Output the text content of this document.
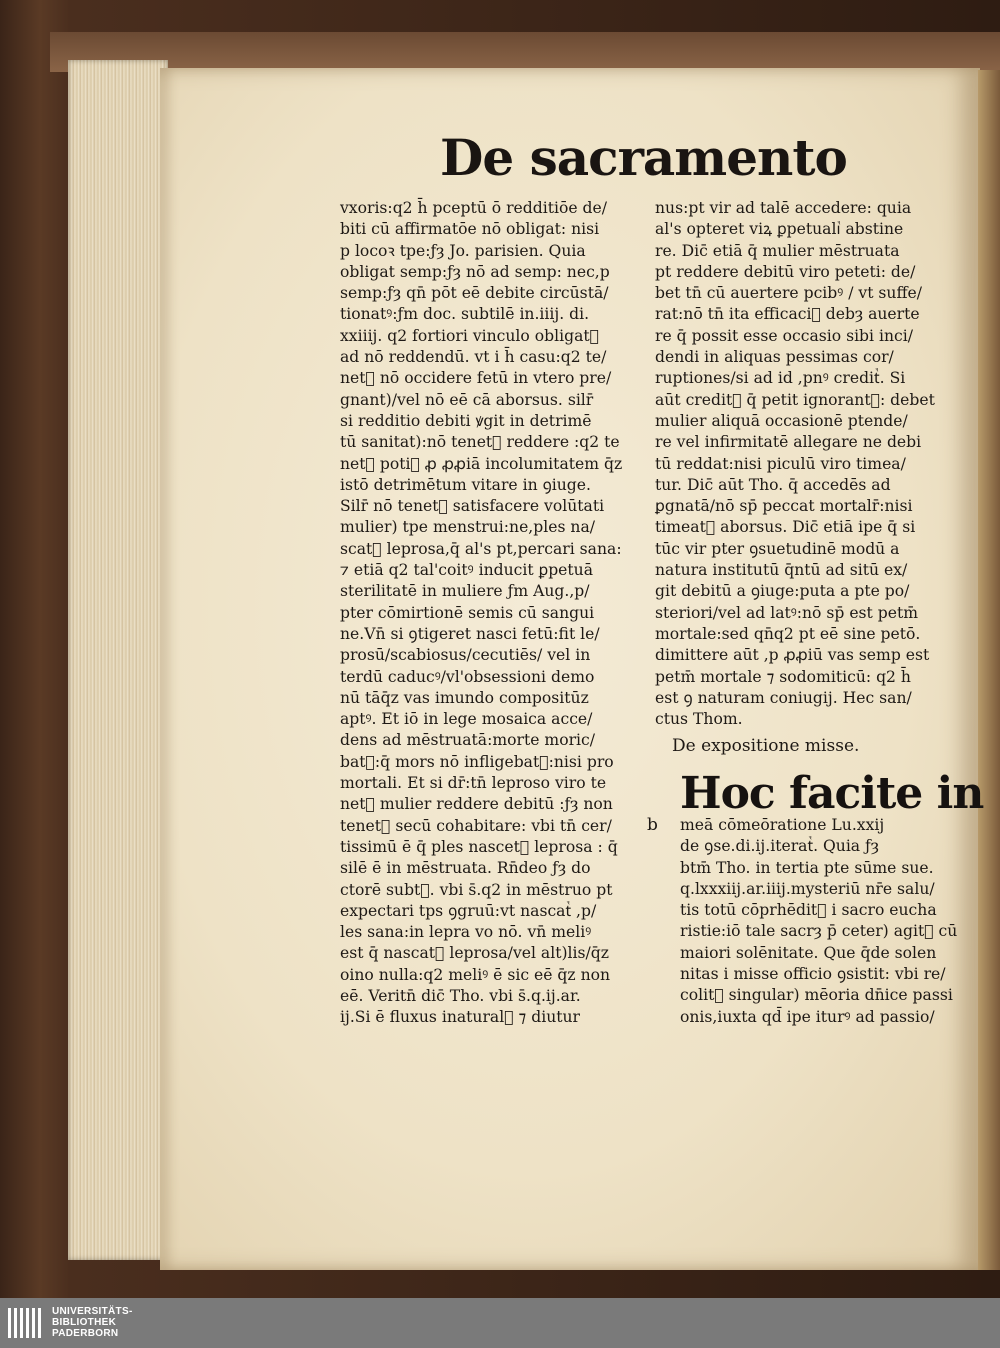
De sacramento
vxoris:q2 h̄ pceptū ō redditiōe de/
biti cū affirmatōe nō obligat: nisi
p locoꝛ tpe:ƒȝ Jo. parisien. Quia
obligat semp:ƒȝ nō ad semp: nec,p
semp:ƒȝ qn̄ pōt eē debite circūstā/
tionatꝰ:ƒm doc. subtilē in.iiij. di.
xxiiij. q2 fortiori vinculo obligatᷣ
ad nō reddendū. vt i h̄ casu:q2 te/
netᷣ nō occidere fetū in vtero pre/
gnant)/vel nō eē cā aborsus. silr̄
si redditio debiti ꝟgit in detrimē
tū sanitat):nō tenetᷣ reddere :q2 te
netᷣ potiꝰ ꝓ ꝓꝓiā incolumitatem q̄z
istō detrimētum vitare in ꝯiuge.
Silr̄ nō tenetᷣ satisfacere volūtati
mulier) tpe menstrui:ne,ples na/
scatᷣ leprosa,q̄ al's pt,percari sana:
⁊ etiā q2 tal'coitꝰ inducit ꝑpetuā
sterilitatē in muliere ƒm Aug.,p/
pter cōmirtionē semis cū sangui
ne.Vn̄ si ꝯtigeret nasci fetū:fit le/
prosū/scabiosus/cecutiēs/ vel in
terdū caducꝰ/vl'obsessioni demo
nū tāq̄z vas imundo compositūz
aptꝰ. Et iō in lege mosaica acce/
dens ad mēstruatā:morte moric/
batᷣ:q̄ mors nō infligebatᷣ:nisi pro
mortali. Et si dr̄:tn̄ leproso viro te
netᷣ mulier reddere debitū :ƒȝ non
tenetᷣ secū cohabitare: vbi tn̄ cer/
tissimū ē q̄ ples nascetᷣ leprosa : q̄
silē ē in mēstruata. Rn̄deo ƒȝ do
ctorē subtᷣ. vbi s̄.q2 in mēstruo pt
expectari tps ꝯgruū:vt nascatᷣ ,p/
les sana:in lepra vo nō. vn̄ meliꝰ
est q̄ nascatᷣ leprosa/vel alt)lis/q̄z
oino nulla:q2 meliꝰ ē sic eē q̄z non
eē. Veritn̄ dic̄ Tho. vbi s̄.q.ij.ar.
ij.Si ē fluxus inaturalᷣ ⁊ diutur
nus:pt vir ad talē accedere: quia
al's opteret viꝝ ꝑpetualiᷣ abstine
re. Dic̄ etiā q̄ mulier mēstruata
pt reddere debitū viro peteti: de/
bet tn̄ cū auertere pcibꝰ / vt suffe/
rat:nō tn̄ ita efficaciᷣ debȝ auerte
re q̄ possit esse occasio sibi inci/
dendi in aliquas pessimas cor/
ruptiones/si ad id ,pnꝰ creditᷣ. Si
aūt creditᷣ q̄ petit ignorantᷣ: debet
mulier aliquā occasionē ptende/
re vel infirmitatē allegare ne debi
tū reddat:nisi piculū viro timea/
tur. Dic̄ aūt Tho. q̄ accedēs ad
ꝑgnatā/nō sp̄ peccat mortalr̄:nisi
timeatᷣ aborsus. Dic̄ etiā ipe q̄ si
tūc vir pter ꝯsuetudinē modū a
natura institutū q̄ntū ad sitū ex/
git debitū a ꝯiuge:puta a pte po/
steriori/vel ad latꝰ:nō sp̄ est petm̄
mortale:sed qn̄q2 pt eē sine petō.
dimittere aūt ,p ꝓꝓiū vas semp est
petm̄ mortale ⁊ sodomiticū: q2 h̄
est ꝯ naturam coniugij. Hec san/
ctus Thom.
De expositione misse.
Hoc facite in
b meā cōmeōratione Lu.xxij
de ꝯse.di.ij.iteratᷣ. Quia ƒȝ
btm̄ Tho. in tertia pte sūme sue.
q.lxxxiij.ar.iiij.mysteriū nr̄e salu/
tis totū cōprhēditᷣ i sacro eucha
ristie:iō tale sacrȝ p̄ ceter) agitᷣ cū
maiori solēnitate. Que q̄de solen
nitas i misse officio ꝯsistit: vbi re/
colitᷣ singular) mēoria dn̄ice passi
onis,iuxta qd̄ ipe iturꝰ ad passio/
UNIVERSITÄTS-
BIBLIOTHEK
PADERBORN
